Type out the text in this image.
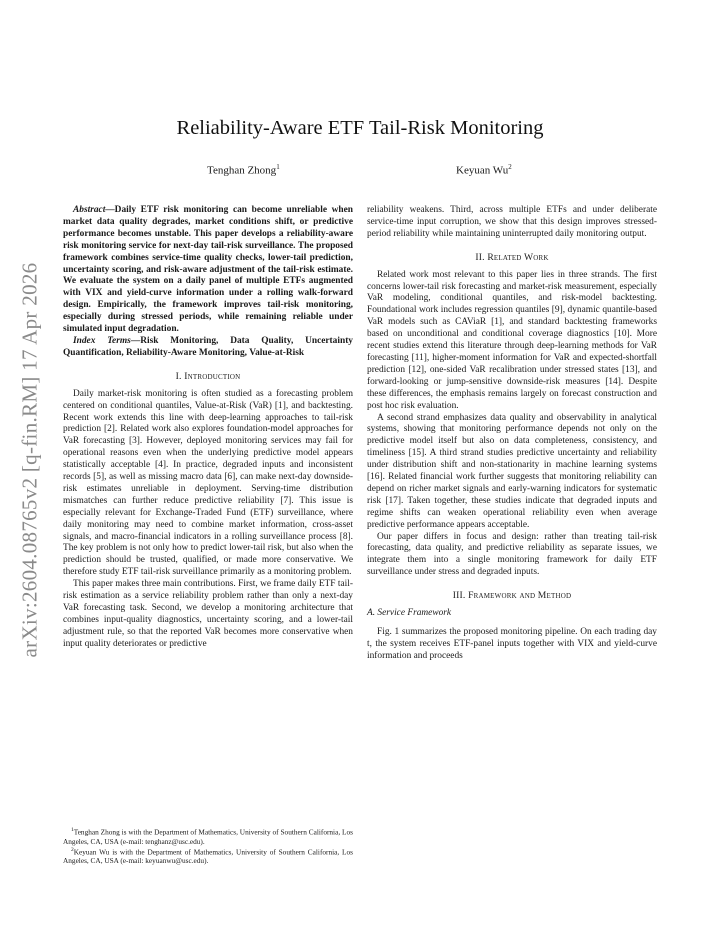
arXiv:2604.08765v2 [q-fin.RM] 17 Apr 2026
Reliability-Aware ETF Tail-Risk Monitoring
Tenghan Zhong$^1$	Keyuan Wu$^2$

Abstract—Daily ETF risk monitoring can become unreliable when market data quality degrades, market conditions shift, or predictive performance becomes unstable. This paper develops a reliability-aware risk monitoring service for next-day tail-risk surveillance. The proposed framework combines service-time quality checks, lower-tail prediction, uncertainty scoring, and risk-aware adjustment of the tail-risk estimate. We evaluate the system on a daily panel of multiple ETFs augmented with VIX and yield-curve information under a rolling walk-forward design. Empirically, the framework improves tail-risk monitoring, especially during stressed periods, while remaining reliable under simulated input degradation.

Index Terms—Risk Monitoring, Data Quality, Uncertainty Quantification, Reliability-Aware Monitoring, Value-at-Risk

I. Introduction

Daily market-risk monitoring is often studied as a forecasting problem centered on conditional quantiles, Value-at-Risk (VaR) [1], and backtesting. Recent work extends this line with deep-learning approaches to tail-risk prediction [2]. Related work also explores foundation-model approaches for VaR forecasting [3]. However, deployed monitoring services may fail for operational reasons even when the underlying predictive model appears statistically acceptable [4]. In practice, degraded inputs and inconsistent records [5], as well as missing macro data [6], can make next-day downside-risk estimates unreliable in deployment. Serving-time distribution mismatches can further reduce predictive reliability [7]. This issue is especially relevant for Exchange-Traded Fund (ETF) surveillance, where daily monitoring may need to combine market information, cross-asset signals, and macro-financial indicators in a rolling surveillance process [8]. The key problem is not only how to predict lower-tail risk, but also when the prediction should be trusted, qualified, or made more conservative. We therefore study ETF tail-risk surveillance primarily as a monitoring problem.

This paper makes three main contributions. First, we frame daily ETF tail-risk estimation as a service reliability problem rather than only a next-day VaR forecasting task. Second, we develop a monitoring architecture that combines input-quality diagnostics, uncertainty scoring, and a lower-tail adjustment rule, so that the reported VaR becomes more conservative when input quality deteriorates or predictive

reliability weakens. Third, across multiple ETFs and under deliberate service-time input corruption, we show that this design improves stressed-period reliability while maintaining uninterrupted daily monitoring output.

II. Related Work

Related work most relevant to this paper lies in three strands. The first concerns lower-tail risk forecasting and market-risk measurement, especially VaR modeling, conditional quantiles, and risk-model backtesting. Foundational work includes regression quantiles [9], dynamic quantile-based VaR models such as CAViaR [1], and standard backtesting frameworks based on unconditional and conditional coverage diagnostics [10]. More recent studies extend this literature through deep-learning methods for VaR forecasting [11], higher-moment information for VaR and expected-shortfall prediction [12], one-sided VaR recalibration under stressed states [13], and forward-looking or jump-sensitive downside-risk measures [14]. Despite these differences, the emphasis remains largely on forecast construction and post hoc risk evaluation.

A second strand emphasizes data quality and observability in analytical systems, showing that monitoring performance depends not only on the predictive model itself but also on data completeness, consistency, and timeliness [15]. A third strand studies predictive uncertainty and reliability under distribution shift and non-stationarity in machine learning systems [16]. Related financial work further suggests that monitoring reliability can depend on richer market signals and early-warning indicators for systematic risk [17]. Taken together, these studies indicate that degraded inputs and regime shifts can weaken operational reliability even when average predictive performance appears acceptable.

Our paper differs in focus and design: rather than treating tail-risk forecasting, data quality, and predictive reliability as separate issues, we integrate them into a single monitoring framework for daily ETF surveillance under stress and degraded inputs.

III. Framework and Method
A. Service Framework

Fig. 1 summarizes the proposed monitoring pipeline. On each trading day t, the system receives ETF-panel inputs together with VIX and yield-curve information and proceeds

$^1$Tenghan Zhong is with the Department of Mathematics, University of Southern California, Los Angeles, CA, USA (e-mail: tenghanz@usc.edu).

$^2$Keyuan Wu is with the Department of Mathematics, University of Southern California, Los Angeles, CA, USA (e-mail: keyuanwu@usc.edu).
